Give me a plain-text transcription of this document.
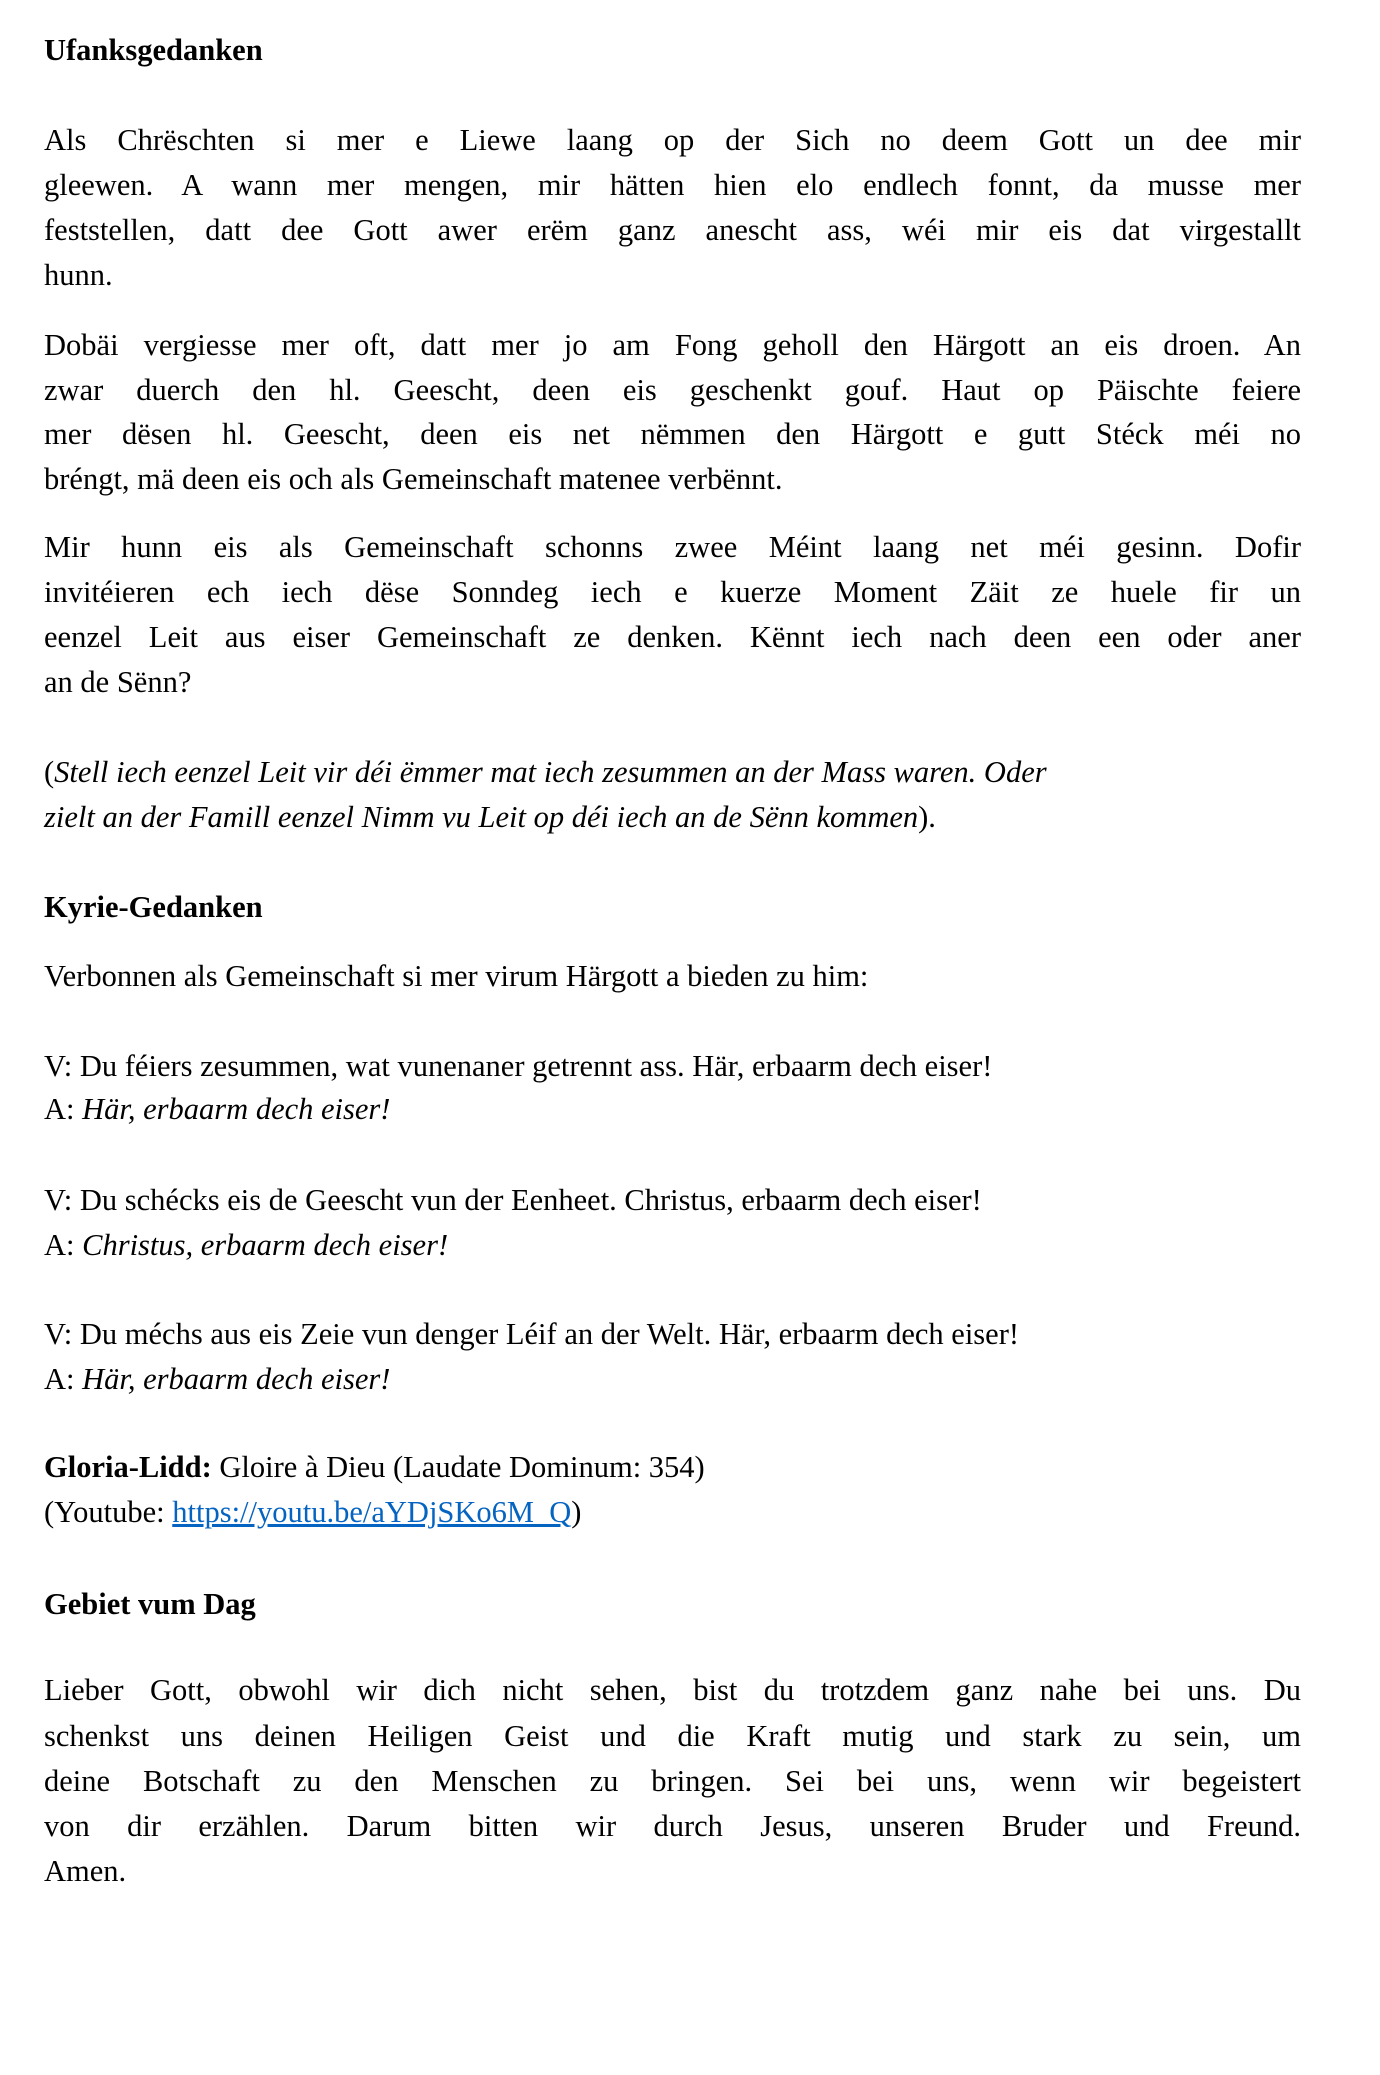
Ufanksgedanken
Als Chrëschten si mer e Liewe laang op der Sich no deem Gott un dee mir
gleewen. A wann mer mengen, mir hätten hien elo endlech fonnt, da musse mer
feststellen, datt dee Gott awer erëm ganz anescht ass, wéi mir eis dat virgestallt
hunn.
Dobäi vergiesse mer oft, datt mer jo am Fong geholl den Härgott an eis droen. An
zwar duerch den hl. Geescht, deen eis geschenkt gouf. Haut op Päischte feiere
mer dësen hl. Geescht, deen eis net nëmmen den Härgott e gutt Stéck méi no
bréngt, mä deen eis och als Gemeinschaft matenee verbënnt.
Mir hunn eis als Gemeinschaft schonns zwee Méint laang net méi gesinn. Dofir
invitéieren ech iech dëse Sonndeg iech e kuerze Moment Zäit ze huele fir un
eenzel Leit aus eiser Gemeinschaft ze denken. Kënnt iech nach deen een oder aner
an de Sënn?
(Stell iech eenzel Leit vir déi ëmmer mat iech zesummen an der Mass waren. Oder
zielt an der Famill eenzel Nimm vu Leit op déi iech an de Sënn kommen).
Kyrie-Gedanken
Verbonnen als Gemeinschaft si mer virum Härgott a bieden zu him:
V: Du féiers zesummen, wat vunenaner getrennt ass. Här, erbaarm dech eiser!
A: Här, erbaarm dech eiser!
V: Du schécks eis de Geescht vun der Eenheet. Christus, erbaarm dech eiser!
A: Christus, erbaarm dech eiser!
V: Du méchs aus eis Zeie vun denger Léif an der Welt. Här, erbaarm dech eiser!
A: Här, erbaarm dech eiser!
Gloria-Lidd: Gloire à Dieu (Laudate Dominum: 354)
(Youtube: https://youtu.be/aYDjSKo6M_Q)
Gebiet vum Dag
Lieber Gott, obwohl wir dich nicht sehen, bist du trotzdem ganz nahe bei uns. Du
schenkst uns deinen Heiligen Geist und die Kraft mutig und stark zu sein, um
deine Botschaft zu den Menschen zu bringen. Sei bei uns, wenn wir begeistert
von dir erzählen. Darum bitten wir durch Jesus, unseren Bruder und Freund.
Amen.
